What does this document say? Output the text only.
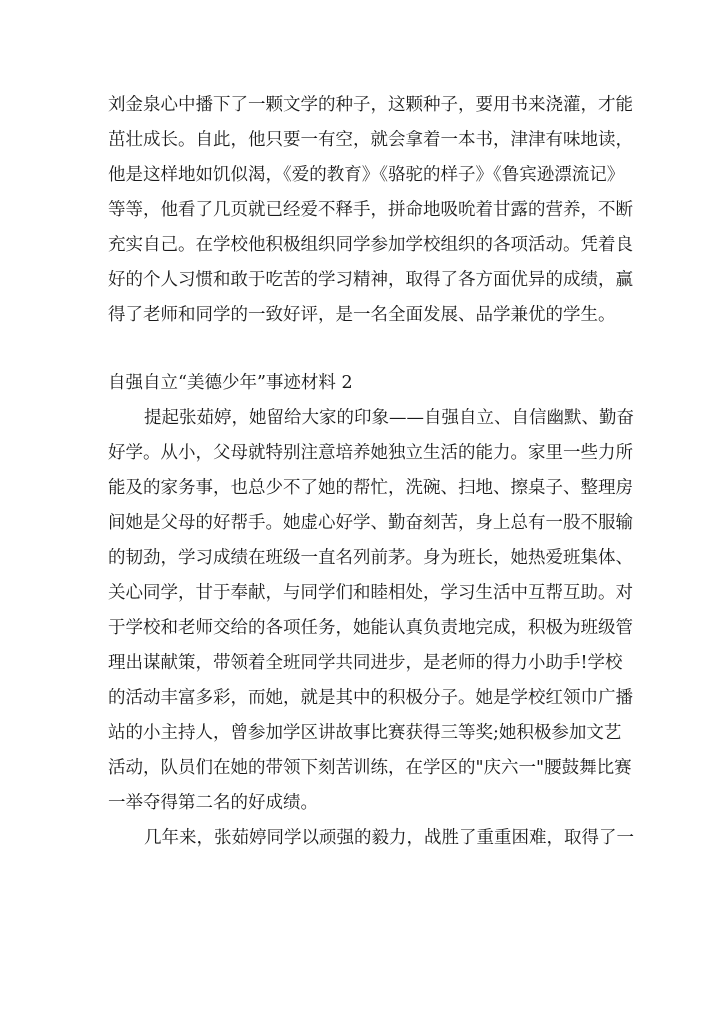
刘金泉心中播下了一颗文学的种子，这颗种子，要用书来浇灌，才能
茁壮成长。自此，他只要一有空，就会拿着一本书，津津有味地读，
他是这样地如饥似渴，《爱的教育》《骆驼的样子》《鲁宾逊漂流记》
等等，他看了几页就已经爱不释手，拼命地吸吮着甘露的营养，不断
充实自己。在学校他积极组织同学参加学校组织的各项活动。凭着良
好的个人习惯和敢于吃苦的学习精神，取得了各方面优异的成绩，赢
得了老师和同学的一致好评，是一名全面发展、品学兼优的学生。
自强自立“美德少年”事迹材料 2
提起张茹婷，她留给大家的印象——自强自立、自信幽默、勤奋
好学。从小，父母就特别注意培养她独立生活的能力。家里一些力所
能及的家务事，也总少不了她的帮忙，洗碗、扫地、擦桌子、整理房
间她是父母的好帮手。她虚心好学、勤奋刻苦，身上总有一股不服输
的韧劲，学习成绩在班级一直名列前茅。身为班长，她热爱班集体、
关心同学，甘于奉献，与同学们和睦相处，学习生活中互帮互助。对
于学校和老师交给的各项任务，她能认真负责地完成，积极为班级管
理出谋献策，带领着全班同学共同进步，是老师的得力小助手!学校
的活动丰富多彩，而她，就是其中的积极分子。她是学校红领巾广播
站的小主持人，曾参加学区讲故事比赛获得三等奖;她积极参加文艺
活动，队员们在她的带领下刻苦训练，在学区的"庆六一"腰鼓舞比赛
一举夺得第二名的好成绩。
几年来，张茹婷同学以顽强的毅力，战胜了重重困难，取得了一
